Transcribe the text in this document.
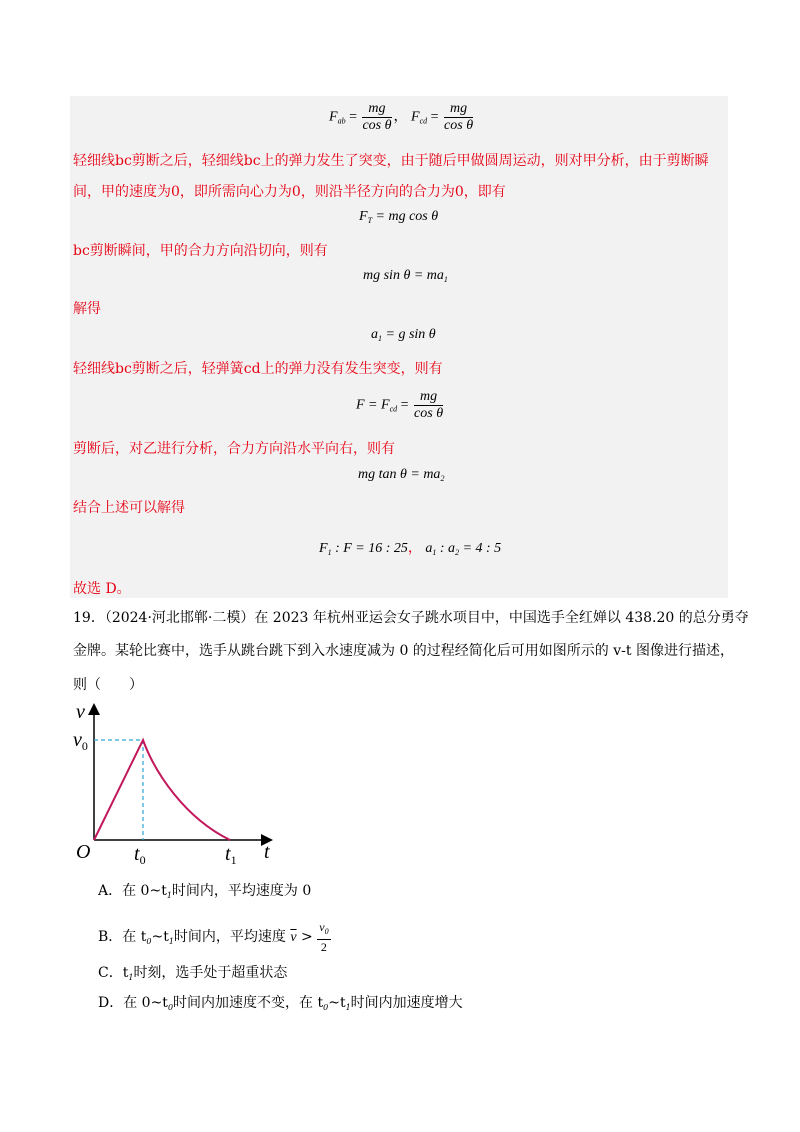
$F_{ab} = \frac{mg}{\text{cos θ}}$ ， $F_{cd} = \frac{mg}{\text{cos θ}}$
轻细线bc剪断之后，轻细线bc上的弹力发生了突变，由于随后甲做圆周运动，则对甲分析，由于剪断瞬
间，甲的速度为0，即所需向心力为0，则沿半径方向的合力为0，即有
$F_T$ = mg cos θ
bc剪断瞬间，甲的合力方向沿切向，则有
mg $\sin \theta = ma_1$
解得
$a_1 = g$ sin θ
轻细线bc剪断之后，轻弹簧cd上的弹力没有发生突变，则有
$F = F_{cd} = \frac{mg}{\text{cos θ}}$
剪断后，对乙进行分析，合力方向沿水平向右，则有
mg $\tan \theta = ma_2$
结合上述可以解得
$F_1$ : F = 16 : 25， $a_1$ : $a_2 = 4$ : 5
故选 D。
19．（2024·河北邯郸·二模）在 2023 年杭州亚运会女子跳水项目中，中国选手全红婵以 438.20 的总分勇夺
金牌。某轮比赛中，选手从跳台跳下到入水速度减为 0 的过程经简化后可用如图所示的 v-t 图像进行描述，
则（　　）
v
$v_0$
O $t_0$	$t_1$ t
A．在 $0\sim t_1$时间内，平均速度为 0
B．在 $t_0\sim t_1$时间内，平均速度 $\overline{v} > \frac{v_0}{2}$
C．$t_1$时刻，选手处于超重状态
D．在 $0\sim t_0$时间内加速度不变，在 $t_0\sim t_1$时间内加速度增大
